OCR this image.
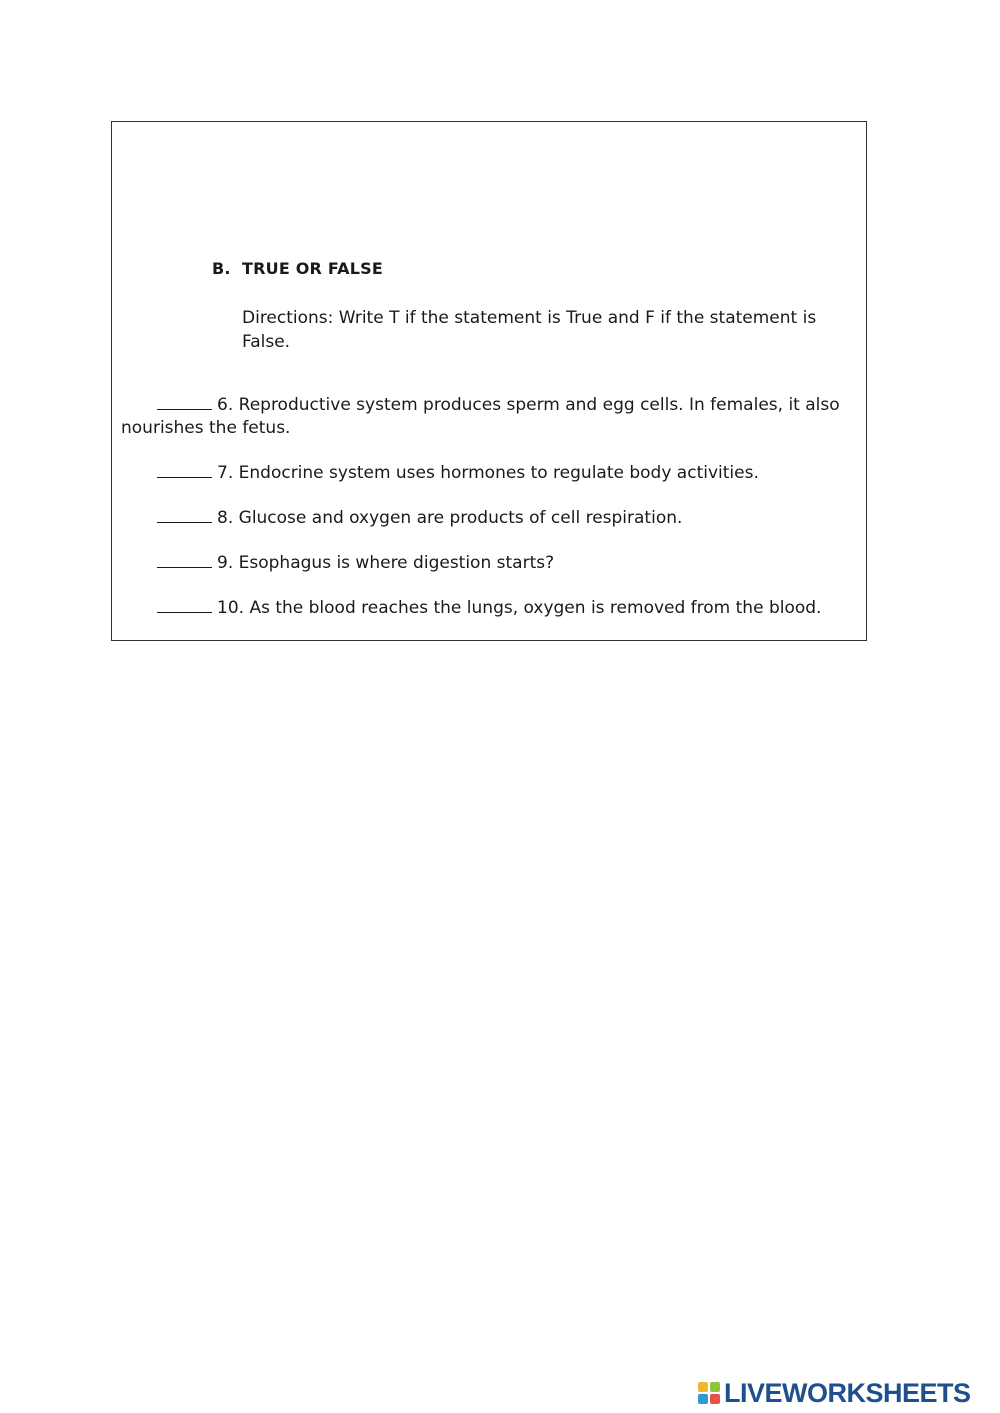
B. TRUE OR FALSE
Directions: Write T if the statement is True and F if the statement is False.

6. Reproductive system produces sperm and egg cells. In females, it also nourishes the fetus.

7. Endocrine system uses hormones to regulate body activities.

8. Glucose and oxygen are products of cell respiration.

9. Esophagus is where digestion starts?

10. As the blood reaches the lungs, oxygen is removed from the blood.

LIVEWORKSHEETS
